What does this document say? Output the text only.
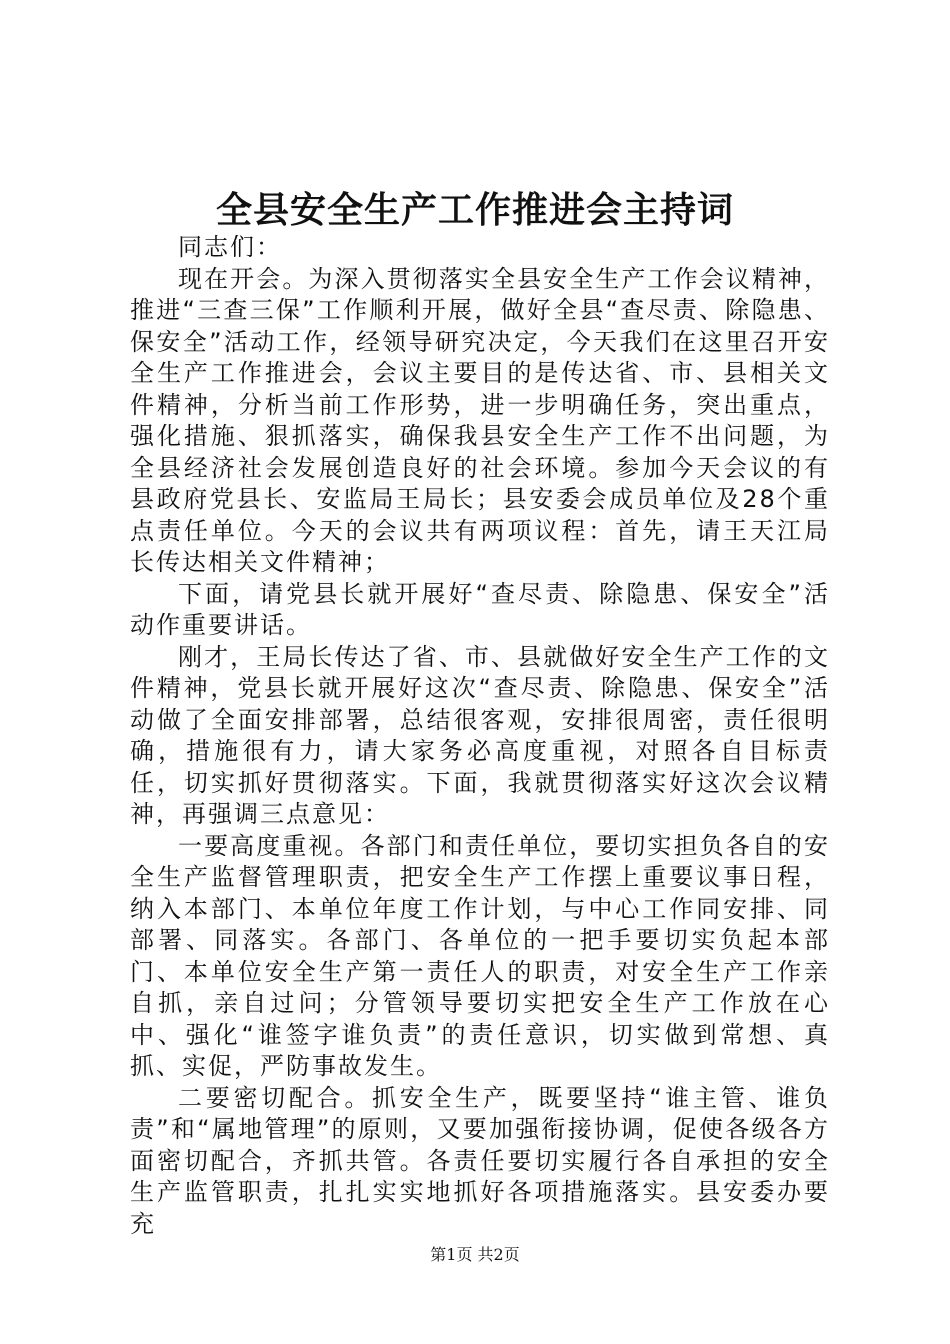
全县安全生产工作推进会主持词

同志们：

现在开会。为深入贯彻落实全县安全生产工作会议精神，推进“三查三保”工作顺利开展，做好全县“查尽责、除隐患、保安全”活动工作，经领导研究决定，今天我们在这里召开安全生产工作推进会，会议主要目的是传达省、市、县相关文件精神，分析当前工作形势，进一步明确任务，突出重点，强化措施、狠抓落实，确保我县安全生产工作不出问题，为全县经济社会发展创造良好的社会环境。参加今天会议的有县政府党县长、安监局王局长；县安委会成员单位及28个重点责任单位。今天的会议共有两项议程：首先，请王天江局长传达相关文件精神；

下面，请党县长就开展好“查尽责、除隐患、保安全”活动作重要讲话。

刚才，王局长传达了省、市、县就做好安全生产工作的文件精神，党县长就开展好这次“查尽责、除隐患、保安全”活动做了全面安排部署，总结很客观，安排很周密，责任很明确，措施很有力，请大家务必高度重视，对照各自目标责任，切实抓好贯彻落实。下面，我就贯彻落实好这次会议精神，再强调三点意见：

一要高度重视。各部门和责任单位，要切实担负各自的安全生产监督管理职责，把安全生产工作摆上重要议事日程，纳入本部门、本单位年度工作计划，与中心工作同安排、同部署、同落实。各部门、各单位的一把手要切实负起本部门、本单位安全生产第一责任人的职责，对安全生产工作亲自抓，亲自过问；分管领导要切实把安全生产工作放在心中、强化“谁签字谁负责”的责任意识，切实做到常想、真抓、实促，严防事故发生。

二要密切配合。抓安全生产，既要坚持“谁主管、谁负责”和“属地管理”的原则，又要加强衔接协调，促使各级各方面密切配合，齐抓共管。各责任要切实履行各自承担的安全生产监管职责，扎扎实实地抓好各项措施落实。县安委办要充

第1页 共2页
